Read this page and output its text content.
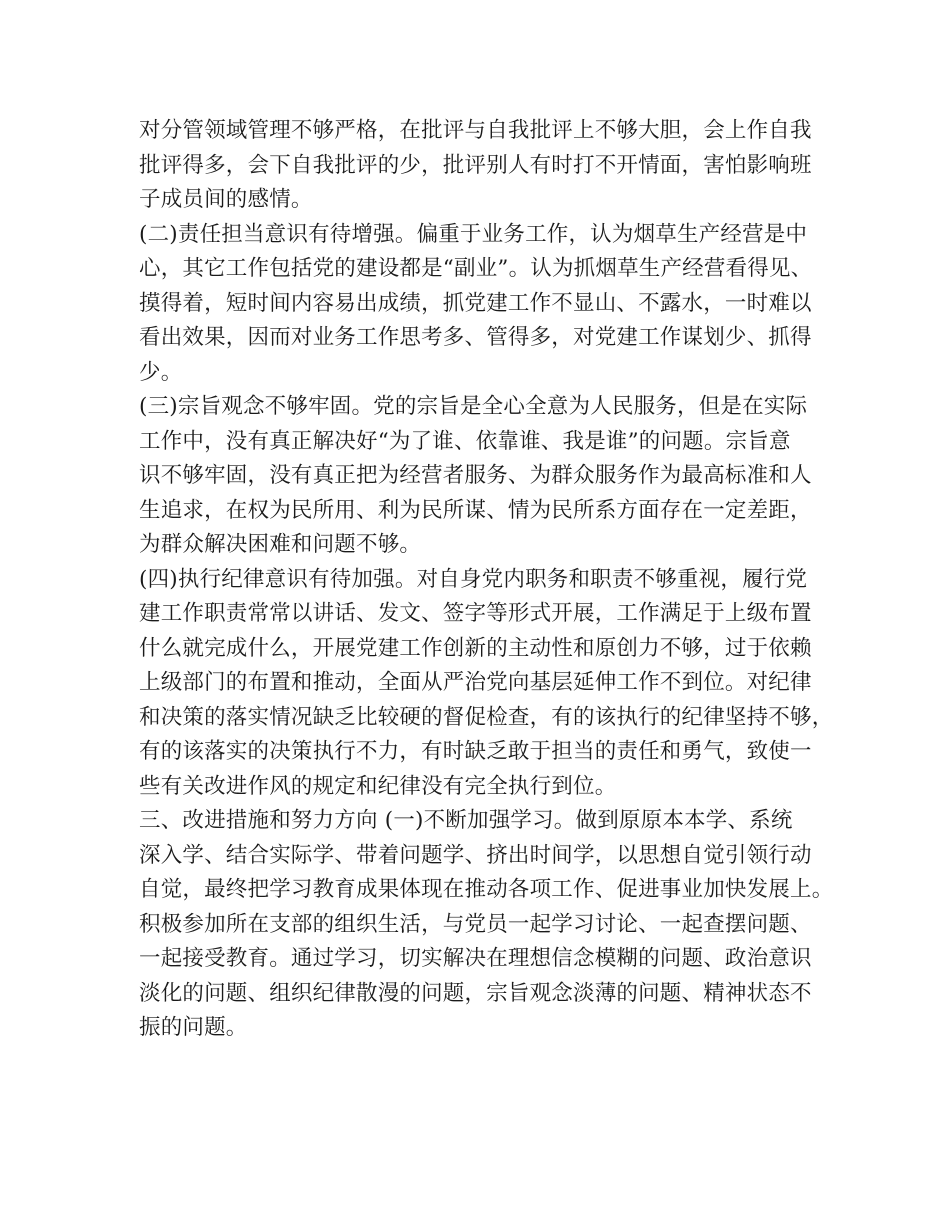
对分管领域管理不够严格，在批评与自我批评上不够大胆，会上作自我
批评得多，会下自我批评的少，批评别人有时打不开情面，害怕影响班
子成员间的感情。
(二)责任担当意识有待增强。偏重于业务工作，认为烟草生产经营是中
心，其它工作包括党的建设都是“副业”。认为抓烟草生产经营看得见、
摸得着，短时间内容易出成绩，抓党建工作不显山、不露水，一时难以
看出效果，因而对业务工作思考多、管得多，对党建工作谋划少、抓得
少。
(三)宗旨观念不够牢固。党的宗旨是全心全意为人民服务，但是在实际
工作中，没有真正解决好“为了谁、依靠谁、我是谁”的问题。宗旨意
识不够牢固，没有真正把为经营者服务、为群众服务作为最高标准和人
生追求，在权为民所用、利为民所谋、情为民所系方面存在一定差距，
为群众解决困难和问题不够。
(四)执行纪律意识有待加强。对自身党内职务和职责不够重视，履行党
建工作职责常常以讲话、发文、签字等形式开展，工作满足于上级布置
什么就完成什么，开展党建工作创新的主动性和原创力不够，过于依赖
上级部门的布置和推动，全面从严治党向基层延伸工作不到位。对纪律
和决策的落实情况缺乏比较硬的督促检查，有的该执行的纪律坚持不够，
有的该落实的决策执行不力，有时缺乏敢于担当的责任和勇气，致使一
些有关改进作风的规定和纪律没有完全执行到位。
三、改进措施和努力方向 (一)不断加强学习。做到原原本本学、系统
深入学、结合实际学、带着问题学、挤出时间学，以思想自觉引领行动
自觉，最终把学习教育成果体现在推动各项工作、促进事业加快发展上。
积极参加所在支部的组织生活，与党员一起学习讨论、一起查摆问题、
一起接受教育。通过学习，切实解决在理想信念模糊的问题、政治意识
淡化的问题、组织纪律散漫的问题，宗旨观念淡薄的问题、精神状态不
振的问题。
